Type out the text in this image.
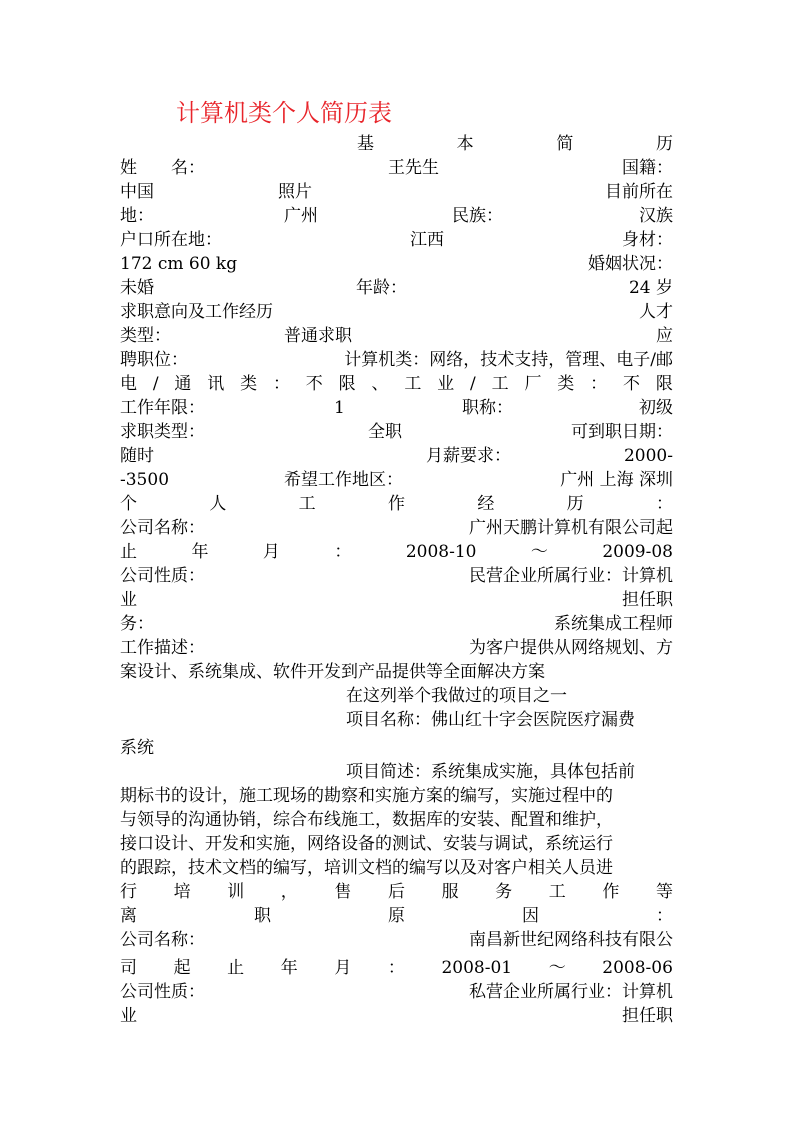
计算机类个人简历表
基	本	简	历
姓　　名：	王先生	国籍：
中国	照片	目前所在
地：	广州	民族：	汉族
户口所在地：	江西	身材：
172 cm 60 kg	婚姻状况：
未婚	年龄：	24 岁
求职意向及工作经历	人才
类型：	普通求职	应
聘职位：	计算机类：网络，技术支持，管理、电子/邮
电 / 通 讯 类 ： 不 限 、 工 业 / 工 厂 类 ： 不 限
工作年限：	1	职称：	初级
求职类型：	全职	可到职日期：
随时	月薪要求：	2000-
-3500	希望工作地区：	广州 上海 深圳
个	人	工	作	经	历	：
公司名称：	广州天鹏计算机有限公司起
止	年	月	：	2008-10	～	2009-08
公司性质：	民营企业所属行业：计算机
业	担任职
务：	系统集成工程师
工作描述：	为客户提供从网络规划、方
案设计、系统集成、软件开发到产品提供等全面解决方案
在这列举个我做过的项目之一
项目名称：佛山红十字会医院医疗漏费
系统
项目简述：系统集成实施，具体包括前
期标书的设计，施工现场的勘察和实施方案的编写，实施过程中的
与领导的沟通协销，综合布线施工，数据库的安装、配置和维护，
接口设计、开发和实施，网络设备的测试、安装与调试，系统运行
的跟踪，技术文档的编写，培训文档的编写以及对客户相关人员进
行 培 训 ， 售 后 服 务 工 作 等
离	职	原	因	：
公司名称：	南昌新世纪网络科技有限公
司 起 止 年 月 ： 2008-01 ～ 2008-06
公司性质：	私营企业所属行业：计算机
业	担任职
